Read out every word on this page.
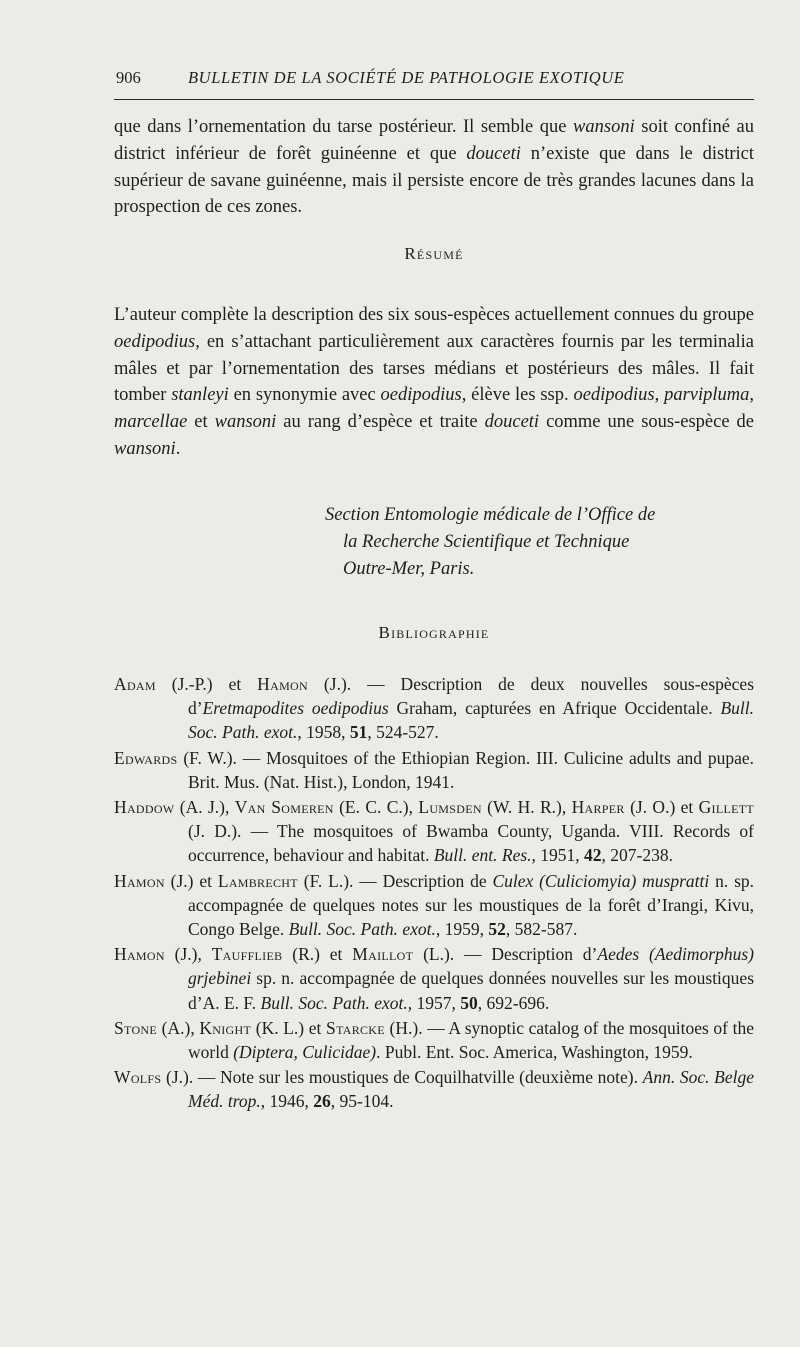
906	BULLETIN DE LA SOCIÉTÉ DE PATHOLOGIE EXOTIQUE

que dans l’ornementation du tarse postérieur. Il semble que wansoni soit confiné au district inférieur de forêt guinéenne et que douceti n’existe que dans le district supérieur de savane guinéenne, mais il persiste encore de très grandes lacunes dans la prospection de ces zones.

Résumé

L’auteur complète la description des six sous-espèces actuellement connues du groupe oedipodius, en s’attachant particulièrement aux caractères fournis par les terminalia mâles et par l’ornementation des tarses médians et postérieurs des mâles. Il fait tomber stanleyi en synonymie avec oedipodius, élève les ssp. oedipodius, parvipluma, marcellae et wansoni au rang d’espèce et traite douceti comme une sous-espèce de wansoni.

Section Entomologie médicale de l’Office de
la Recherche Scientifique et Technique
Outre-Mer, Paris.
Bibliographie

Adam (J.-P.) et Hamon (J.). — Description de deux nouvelles sous-espèces d’Eretmapodites oedipodius Graham, capturées en Afrique Occidentale. Bull. Soc. Path. exot., 1958, 51, 524-527.

Edwards (F. W.). — Mosquitoes of the Ethiopian Region. III. Culicine adults and pupae. Brit. Mus. (Nat. Hist.), London, 1941.

Haddow (A. J.), Van Someren (E. C. C.), Lumsden (W. H. R.), Harper (J. O.) et Gillett (J. D.). — The mosquitoes of Bwamba County, Uganda. VIII. Records of occurrence, behaviour and habitat. Bull. ent. Res., 1951, 42, 207-238.

Hamon (J.) et Lambrecht (F. L.). — Description de Culex (Culiciomyia) muspratti n. sp. accompagnée de quelques notes sur les moustiques de la forêt d’Irangi, Kivu, Congo Belge. Bull. Soc. Path. exot., 1959, 52, 582-587.

Hamon (J.), Taufflieb (R.) et Maillot (L.). — Description d’Aedes (Aedimorphus) grjebinei sp. n. accompagnée de quelques données nouvelles sur les moustiques d’A. E. F. Bull. Soc. Path. exot., 1957, 50, 692-696.

Stone (A.), Knight (K. L.) et Starcke (H.). — A synoptic catalog of the mosquitoes of the world (Diptera, Culicidae). Publ. Ent. Soc. America, Washington, 1959.

Wolfs (J.). — Note sur les moustiques de Coquilhatville (deuxième note). Ann. Soc. Belge Méd. trop., 1946, 26, 95-104.
